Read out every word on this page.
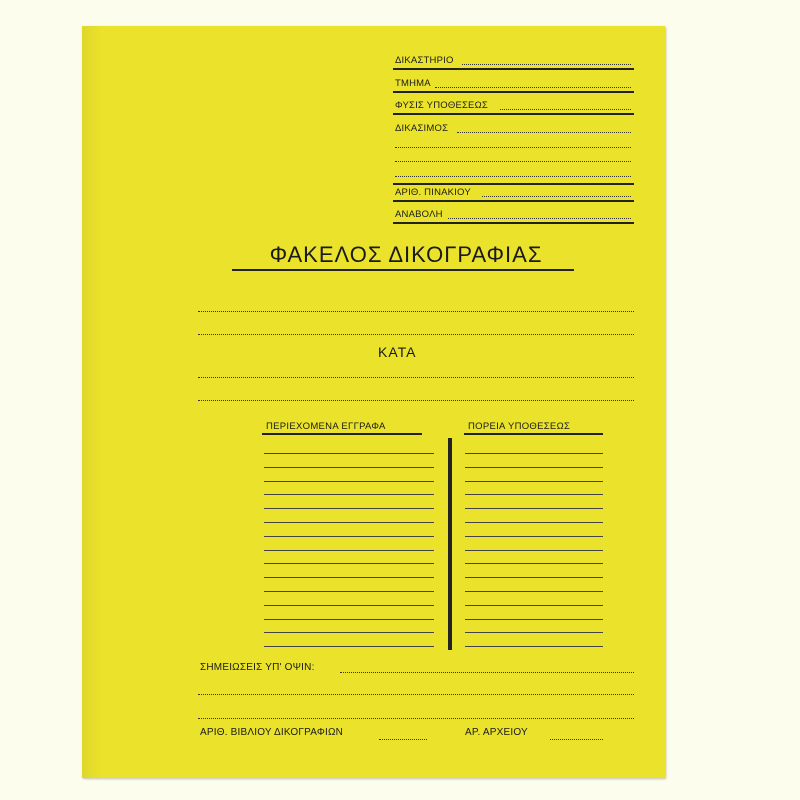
ΔΙΚΑΣΤΗΡΙΟ
ΤΜΗΜΑ
ΦΥΣΙΣ ΥΠΟΘΕΣΕΩΣ
ΔΙΚΑΣΙΜΟΣ
ΑΡΙΘ. ΠΙΝΑΚΙΟΥ
ΑΝΑΒΟΛΗ
ΦΑΚΕΛΟΣ ΔΙΚΟΓΡΑΦΙΑΣ
ΚΑΤΑ
ΠΕΡΙΕΧΟΜΕΝΑ ΕΓΓΡΑΦΑ	ΠΟΡΕΙΑ ΥΠΟΘΕΣΕΩΣ
ΣΗΜΕΙΩΣΕΙΣ ΥΠ' ΟΨΙΝ:
ΑΡΙΘ. ΒΙΒΛΙΟΥ ΔΙΚΟΓΡΑΦΙΩΝ	ΑΡ. ΑΡΧΕΙΟΥ
